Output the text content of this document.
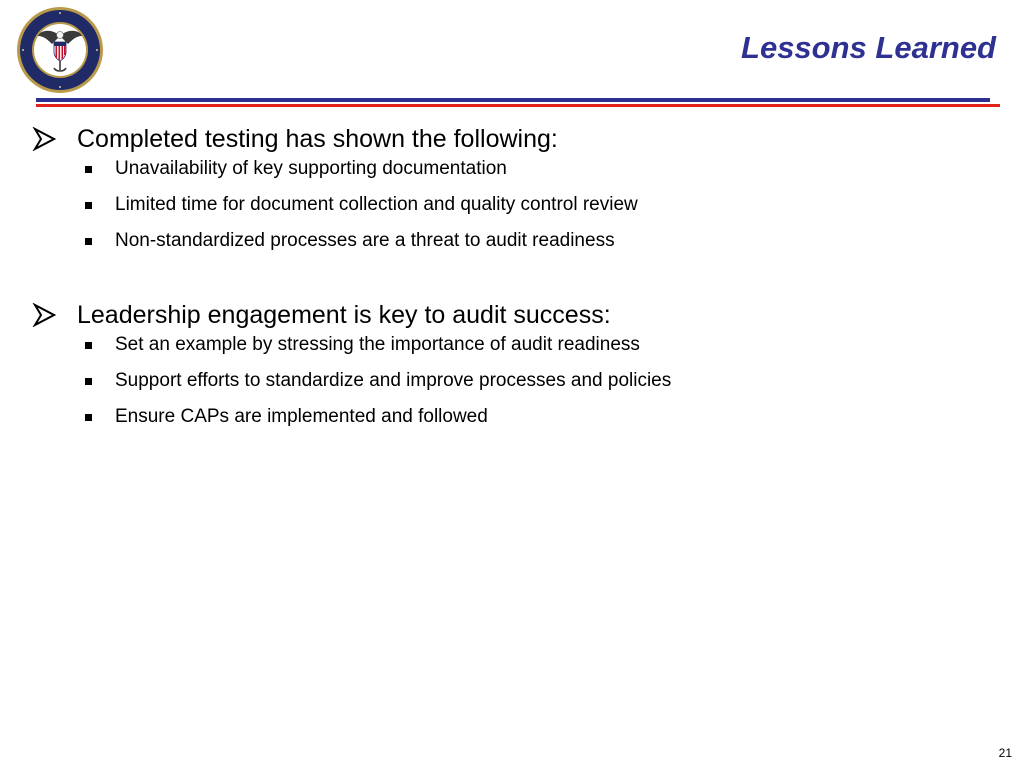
Lessons Learned
Completed testing has shown the following:
Unavailability of key supporting documentation
Limited time for document collection and quality control review
Non-standardized processes are a threat to audit readiness
Leadership engagement is key to audit success:
Set an example by stressing the importance of audit readiness
Support efforts to standardize and improve processes and policies
Ensure CAPs are implemented and followed
21
